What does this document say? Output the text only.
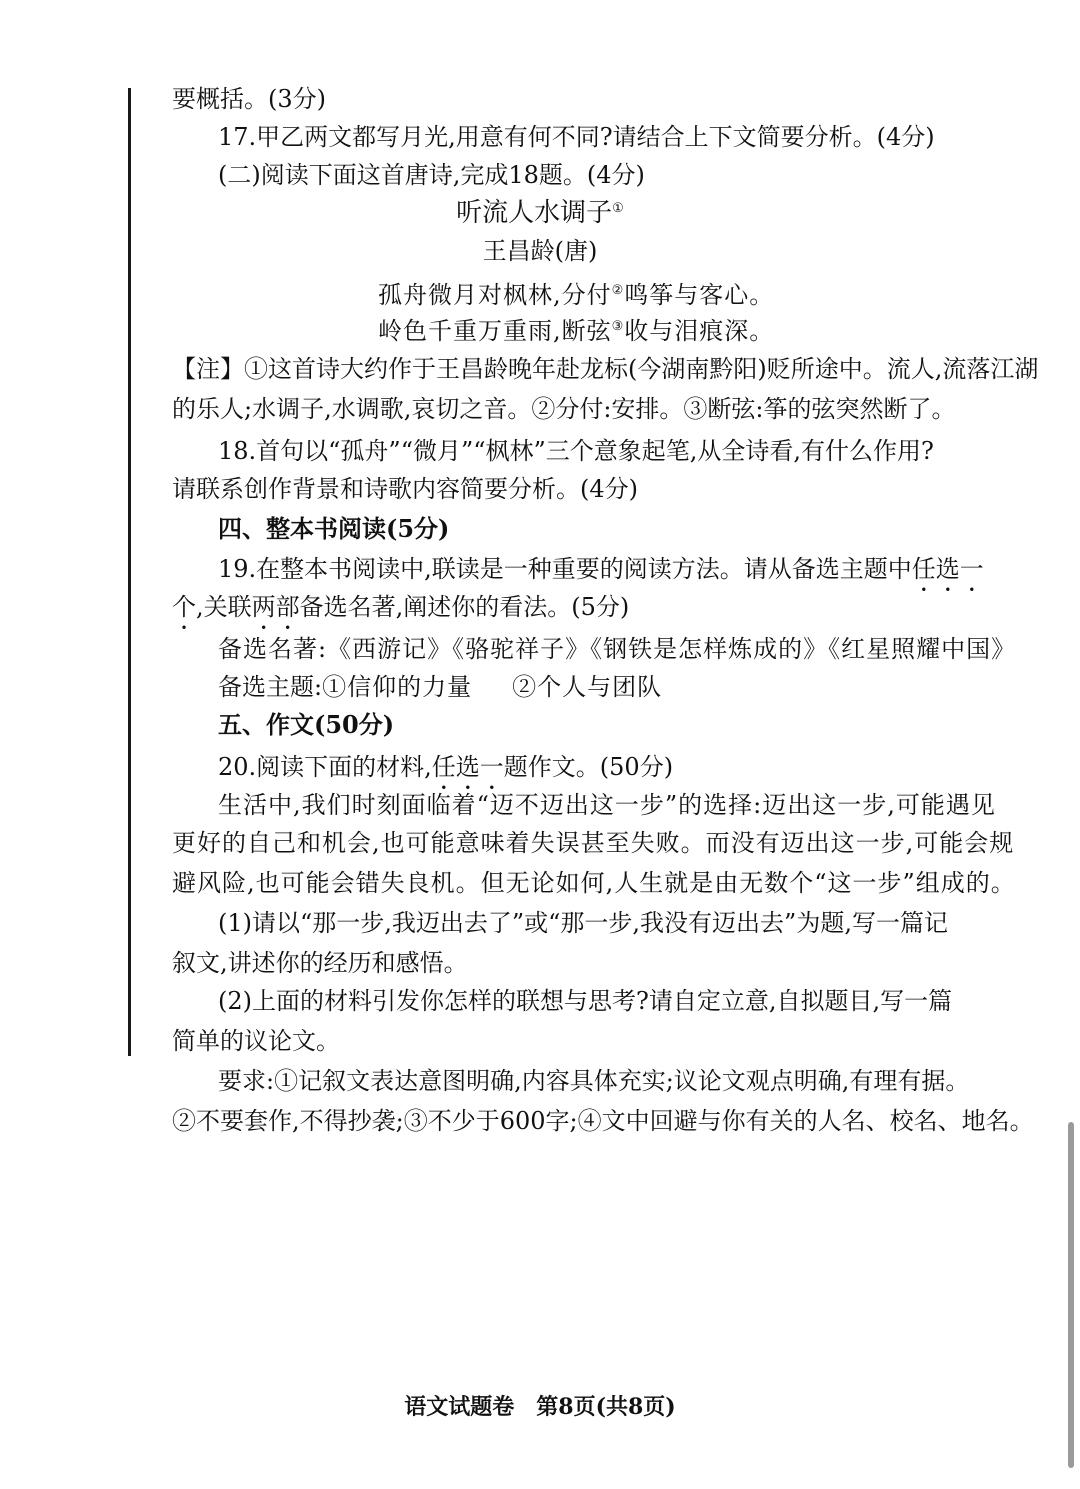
要概括。(3分)
17.甲乙两文都写月光,用意有何不同?请结合上下文简要分析。(4分)
(二)阅读下面这首唐诗,完成18题。(4分)
听流人水调子①
王昌龄(唐)
孤舟微月对枫林,分付②鸣筝与客心。
岭色千重万重雨,断弦③收与泪痕深。
【注】①这首诗大约作于王昌龄晚年赴龙标(今湖南黔阳)贬所途中。流人,流落江湖
的乐人;水调子,水调歌,哀切之音。②分付:安排。③断弦:筝的弦突然断了。
18.首句以“孤舟”“微月”“枫林”三个意象起笔,从全诗看,有什么作用?
请联系创作背景和诗歌内容简要分析。(4分)
四、整本书阅读(5分)
19.在整本书阅读中,联读是一种重要的阅读方法。请从备选主题中任选一
个,关联两部备选名著,阐述你的看法。(5分)
备选名著:《西游记》《骆驼祥子》《钢铁是怎样炼成的》《红星照耀中国》
备选主题:①信仰的力量 ②个人与团队
五、作文(50分)
20.阅读下面的材料,任选一题作文。(50分)
生活中,我们时刻面临着“迈不迈出这一步”的选择:迈出这一步,可能遇见
更好的自己和机会,也可能意味着失误甚至失败。而没有迈出这一步,可能会规
避风险,也可能会错失良机。但无论如何,人生就是由无数个“这一步”组成的。
(1)请以“那一步,我迈出去了”或“那一步,我没有迈出去”为题,写一篇记
叙文,讲述你的经历和感悟。
(2)上面的材料引发你怎样的联想与思考?请自定立意,自拟题目,写一篇
简单的议论文。
要求:①记叙文表达意图明确,内容具体充实;议论文观点明确,有理有据。
②不要套作,不得抄袭;③不少于600字;④文中回避与你有关的人名、校名、地名。
语文试题卷　第8页(共8页)
